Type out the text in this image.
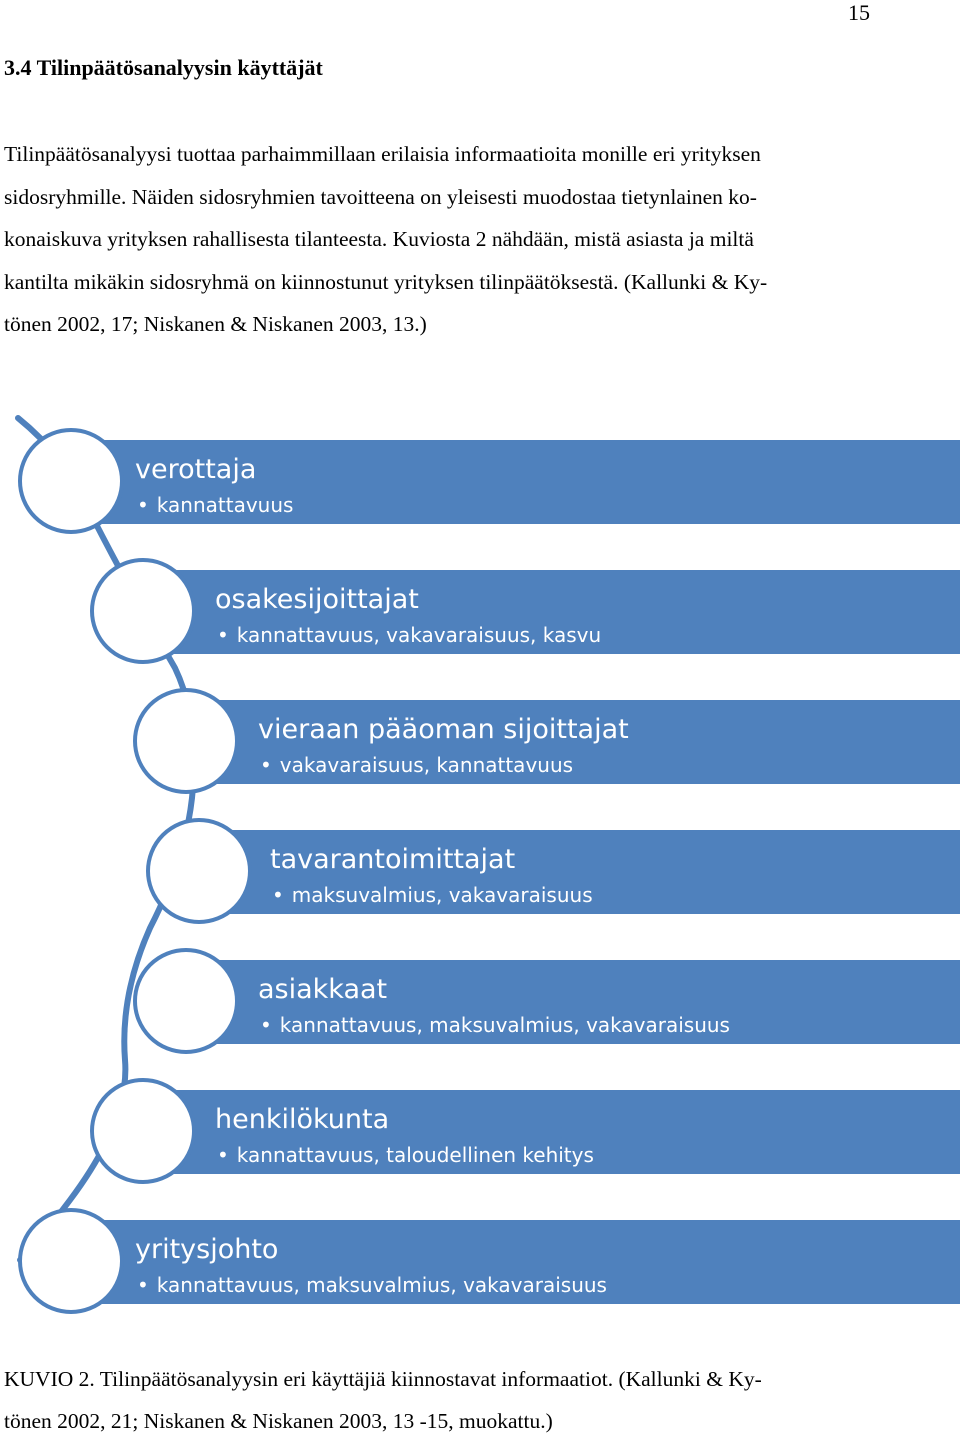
15
3.4 Tilinpäätösanalyysin käyttäjät

Tilinpäätösanalyysi tuottaa parhaimmillaan erilaisia informaatioita monille eri yrityksen
sidosryhmille. Näiden sidosryhmien tavoitteena on yleisesti muodostaa tietynlainen ko-
konaiskuva yrityksen rahallisesta tilanteesta. Kuviosta 2 nähdään, mistä asiasta ja miltä
kantilta mikäkin sidosryhmä on kiinnostunut yrityksen tilinpäätöksestä. (Kallunki & Ky-
tönen 2002, 17; Niskanen & Niskanen 2003, 13.)

verottaja
• kannattavuus
osakesijoittajat
• kannattavuus, vakavaraisuus, kasvu
vieraan pääoman sijoittajat
• vakavaraisuus, kannattavuus
tavarantoimittajat
• maksuvalmius, vakavaraisuus
asiakkaat
• kannattavuus, maksuvalmius, vakavaraisuus
henkilökunta
• kannattavuus, taloudellinen kehitys
yritysjohto
• kannattavuus, maksuvalmius, vakavaraisuus

KUVIO 2. Tilinpäätösanalyysin eri käyttäjiä kiinnostavat informaatiot. (Kallunki & Ky-
tönen 2002, 21; Niskanen & Niskanen 2003, 13 -15, muokattu.)
